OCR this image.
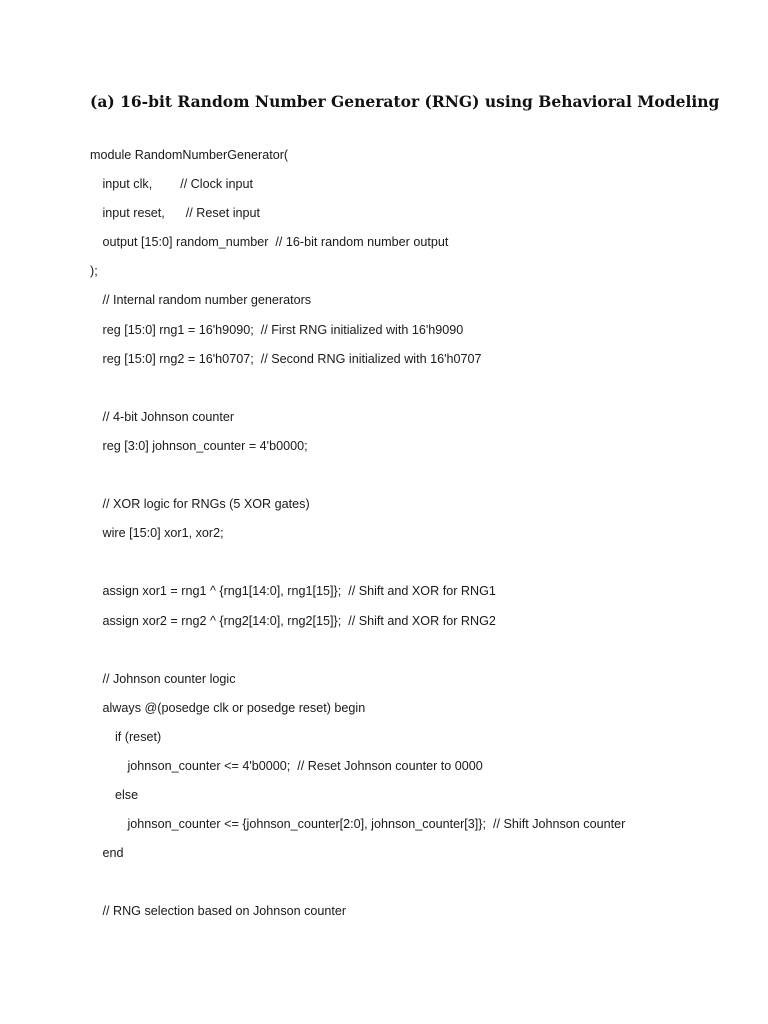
(a) 16-bit Random Number Generator (RNG) using Behavioral Modeling
module RandomNumberGenerator(
input clk,        // Clock input
input reset,      // Reset input
output [15:0] random_number  // 16-bit random number output
);
// Internal random number generators
reg [15:0] rng1 = 16'h9090;  // First RNG initialized with 16'h9090
reg [15:0] rng2 = 16'h0707;  // Second RNG initialized with 16'h0707
// 4-bit Johnson counter
reg [3:0] johnson_counter = 4'b0000;
// XOR logic for RNGs (5 XOR gates)
wire [15:0] xor1, xor2;
assign xor1 = rng1 ^ {rng1[14:0], rng1[15]};  // Shift and XOR for RNG1
assign xor2 = rng2 ^ {rng2[14:0], rng2[15]};  // Shift and XOR for RNG2
// Johnson counter logic
always @(posedge clk or posedge reset) begin
if (reset)
johnson_counter <= 4'b0000;  // Reset Johnson counter to 0000
else
johnson_counter <= {johnson_counter[2:0], johnson_counter[3]};  // Shift Johnson counter
end
// RNG selection based on Johnson counter
